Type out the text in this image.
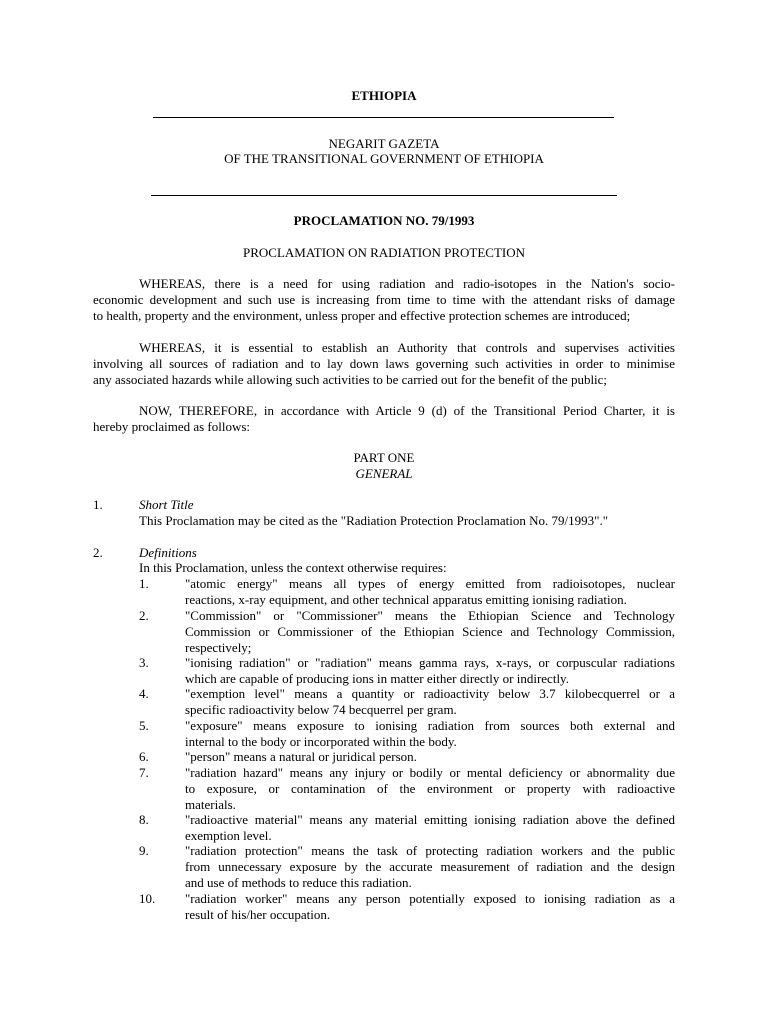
ETHIOPIA
NEGARIT GAZETA
OF THE TRANSITIONAL GOVERNMENT OF ETHIOPIA
PROCLAMATION NO. 79/1993
PROCLAMATION ON RADIATION PROTECTION
WHEREAS, there is a need for using radiation and radio-isotopes in the Nation's socio-
economic development and such use is increasing from time to time with the attendant risks of damage
to health, property and the environment, unless proper and effective protection schemes are introduced;
WHEREAS, it is essential to establish an Authority that controls and supervises activities
involving all sources of radiation and to lay down laws governing such activities in order to minimise
any associated hazards while allowing such activities to be carried out for the benefit of the public;
NOW, THEREFORE, in accordance with Article 9 (d) of the Transitional Period Charter, it is
hereby proclaimed as follows:
PART ONE
GENERAL
1.	Short Title
This Proclamation may be cited as the "Radiation Protection Proclamation No. 79/1993"."
2.	Definitions
In this Proclamation, unless the context otherwise requires:
1.	"atomic energy" means all types of energy emitted from radioisotopes, nuclear
reactions, x-ray equipment, and other technical apparatus emitting ionising radiation.
2.	"Commission" or "Commissioner" means the Ethiopian Science and Technology
Commission or Commissioner of the Ethiopian Science and Technology Commission,
respectively;
3.	"ionising radiation" or "radiation" means gamma rays, x-rays, or corpuscular radiations
which are capable of producing ions in matter either directly or indirectly.
4.	"exemption level" means a quantity or radioactivity below 3.7 kilobecquerrel or a
specific radioactivity below 74 becquerrel per gram.
5.	"exposure" means exposure to ionising radiation from sources both external and
internal to the body or incorporated within the body.
6.	"person" means a natural or juridical person.
7.	"radiation hazard" means any injury or bodily or mental deficiency or abnormality due
to exposure, or contamination of the environment or property with radioactive
materials.
8.	"radioactive material" means any material emitting ionising radiation above the defined
exemption level.
9.	"radiation protection" means the task of protecting radiation workers and the public
from unnecessary exposure by the accurate measurement of radiation and the design
and use of methods to reduce this radiation.
10. "radiation worker" means any person potentially exposed to ionising radiation as a
result of his/her occupation.
